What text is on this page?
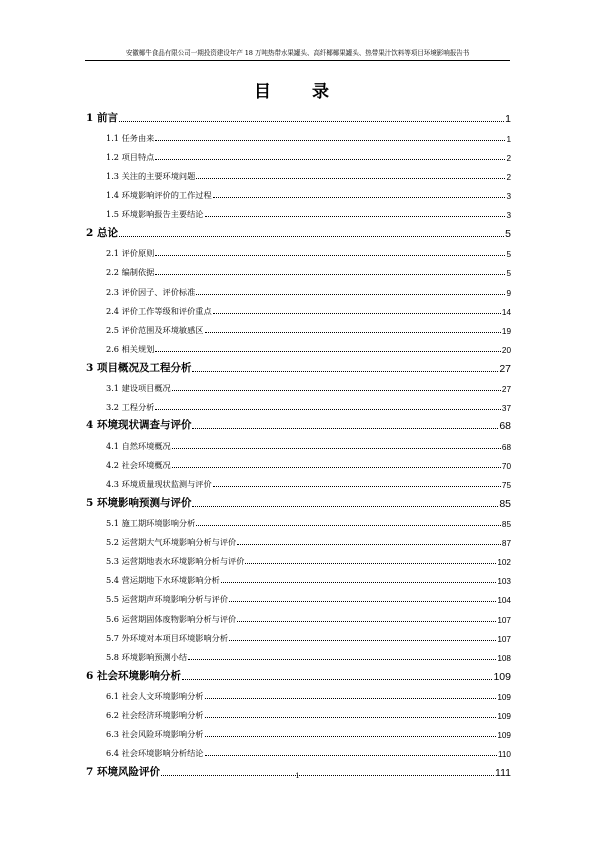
安徽椰牛食品有限公司一期投资建设年产 18 万吨热带水果罐头、高纤椰椰果罐头、热带果汁饮料等项目环境影响报告书
目　录
1 前言	1
1.1 任务由来	1
1.2 项目特点	2
1.3 关注的主要环境问题	2
1.4 环境影响评价的工作过程	3
1.5 环境影响报告主要结论	3
2 总论	5
2.1 评价原则	5
2.2 编制依据	5
2.3 评价因子、评价标准	9
2.4 评价工作等级和评价重点	14
2.5 评价范围及环境敏感区	19
2.6 相关规划	20
3 项目概况及工程分析	27
3.1 建设项目概况	27
3.2 工程分析	37
4 环境现状调查与评价	68
4.1 自然环境概况	68
4.2 社会环境概况	70
4.3 环境质量现状监测与评价	75
5 环境影响预测与评价	85
5.1 施工期环境影响分析	85
5.2 运营期大气环境影响分析与评价	87
5.3 运营期地表水环境影响分析与评价	102
5.4 营运期地下水环境影响分析	103
5.5 运营期声环境影响分析与评价	104
5.6 运营期固体废物影响分析与评价	107
5.7 外环境对本项目环境影响分析	107
5.8 环境影响预测小结	108
6 社会环境影响分析	109
6.1 社会人文环境影响分析	109
6.2 社会经济环境影响分析	109
6.3 社会风险环境影响分析	109
6.4 社会环境影响分析结论	110
7 环境风险评价	111
1
